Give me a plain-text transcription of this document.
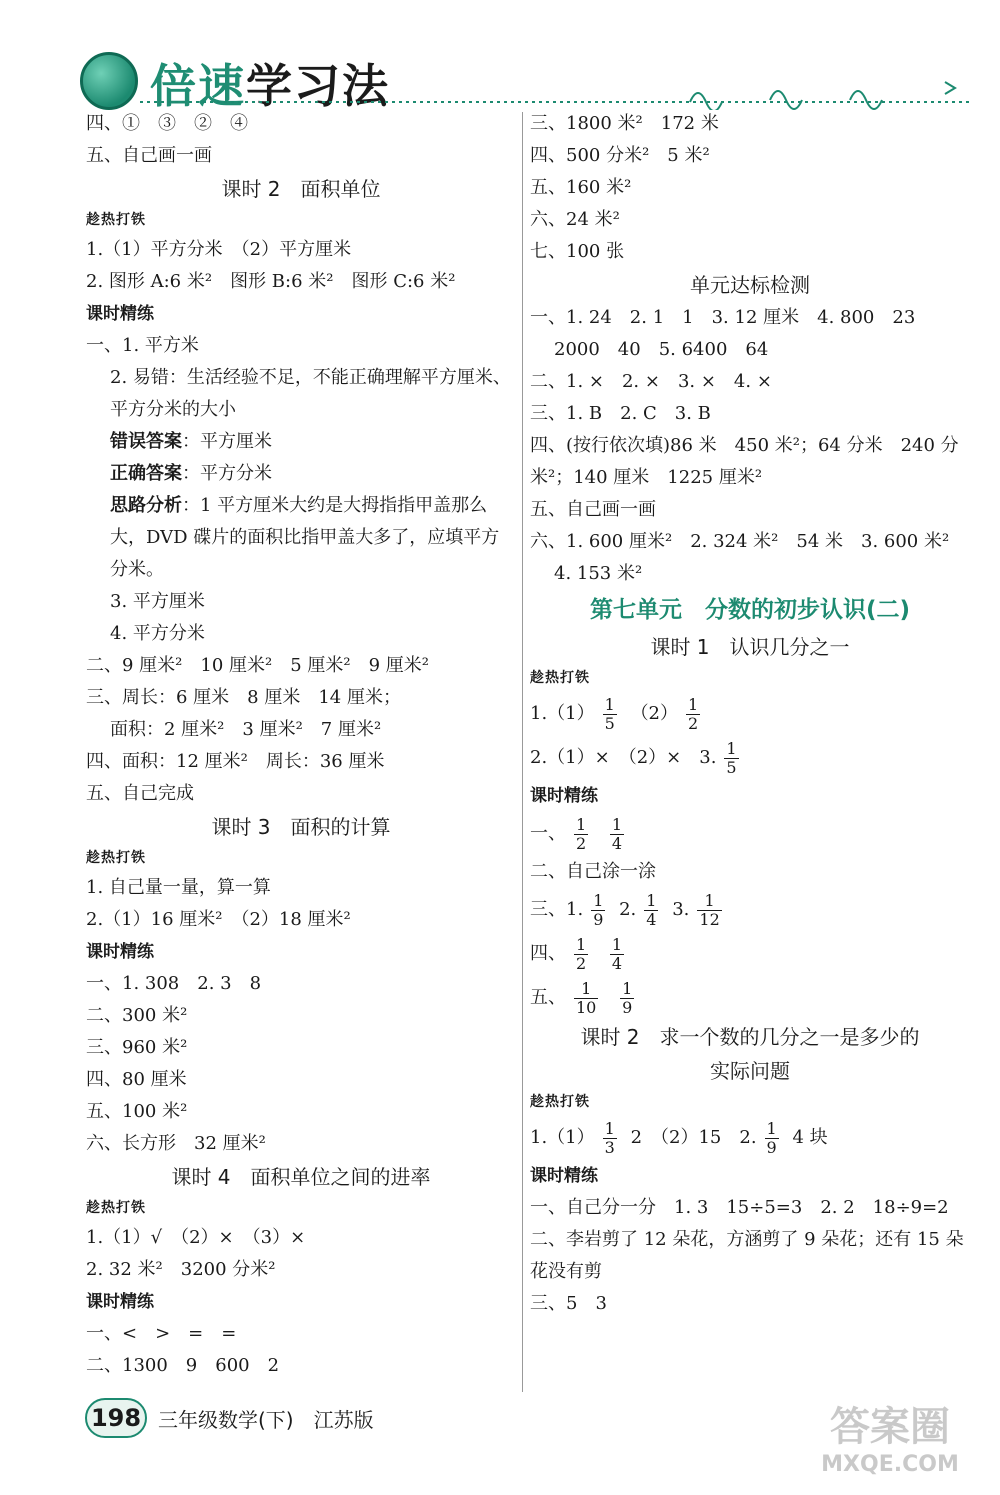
倍速学习法
四、①　③　②　④
五、自己画一画
课时 2　面积单位
趁热打铁
1.（1）平方分米　（2）平方厘米
2. 图形 A:6 米²　图形 B:6 米²　图形 C:6 米²
课时精练
一、1. 平方米
2. 易错：生活经验不足，不能正确理解平方厘米、平方分米的大小
错误答案：平方厘米
正确答案：平方分米
思路分析：1 平方厘米大约是大拇指指甲盖那么大，DVD 碟片的面积比指甲盖大多了，应填平方分米。
3. 平方厘米
4. 平方分米
二、9 厘米²　10 厘米²　5 厘米²　9 厘米²
三、周长：6 厘米　8 厘米　14 厘米；
面积：2 厘米²　3 厘米²　7 厘米²
四、面积：12 厘米²　周长：36 厘米
五、自己完成
课时 3　面积的计算
趁热打铁
1. 自己量一量，算一算
2.（1）16 厘米²　（2）18 厘米²
课时精练
一、1. 308　2. 3　8
二、300 米²
三、960 米²
四、80 厘米
五、100 米²
六、长方形　32 厘米²
课时 4　面积单位之间的进率
趁热打铁
1.（1）√　（2）×　（3）×
2. 32 米²　3200 分米²
课时精练
一、<　>　=　=
二、1300　9　600　2
三、1800 米²　172 米
四、500 分米²　5 米²
五、160 米²
六、24 米²
七、100 张
单元达标检测
一、1. 24　2. 1　1　3. 12 厘米　4. 800　23
2000　40　5. 6400　64
二、1. ×　2. ×　3. ×　4. ×
三、1. B　2. C　3. B
四、(按行依次填)86 米　450 米²；64 分米　240 分米²；140 厘米　1225 厘米²
五、自己画一画
六、1. 600 厘米²　2. 324 米²　54 米　3. 600 米²
4. 153 米²
第七单元　分数的初步认识(二)
课时 1　认识几分之一
趁热打铁
$1.(1) \frac{1}{5} (2) \frac{1}{2}$
2.（1）×　（2）×　3. $\frac{1}{5}$
课时精练
一、 $\frac{1}{2}$
$\frac{1}{4}$
二、自己涂一涂
三、1. $\frac{1}{9} 2$. $\frac{1}{4} 3$. $\frac{1}{12}$
四、 $\frac{1}{2}$
$\frac{1}{4}$
五、 $\frac{1}{10}$
$\frac{1}{9}$
课时 2　求一个数的几分之一是多少的
实际问题
趁热打铁
$1.(1) \frac{1}{3} 2$　（2）15　2. $\frac{1}{9} 4$ 块
课时精练
一、自己分一分　1. 3　15÷5=3　2. 2　18÷9=2
二、李岩剪了 12 朵花，方涵剪了 9 朵花；还有 15 朵花没有剪
三、5　3
198 三年级数学(下)　江苏版	答案圈
MXQE.COM
